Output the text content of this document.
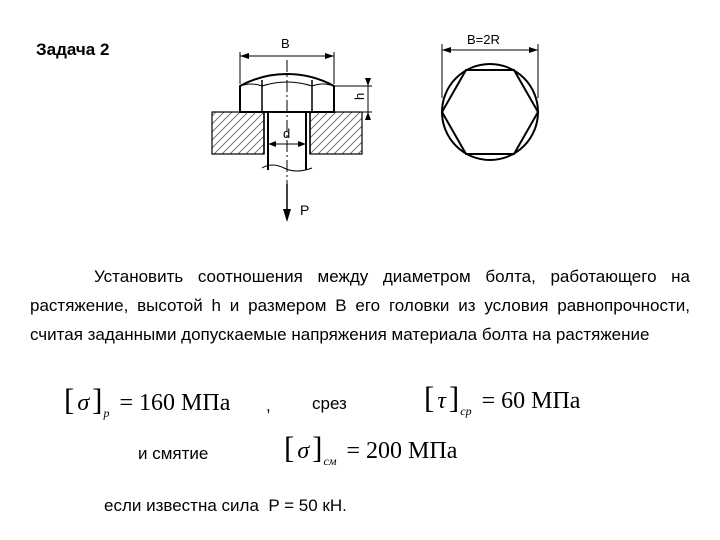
Задача 2	B
h
d
P
B=2R
Установить соотношения между диаметром болта, работающего на растяжение, высотой h и размером B его головки из условия равнопрочности, считая заданными допускаемые напряжения материала болта на растяжение
[ $\sigma]_р = 160$ МПа , срез [ $\tau]_{ср} = 60$ МПа
и смятие [ $\sigma]_{см} = 200$ МПа
если известна сила  P = 50 кН.
